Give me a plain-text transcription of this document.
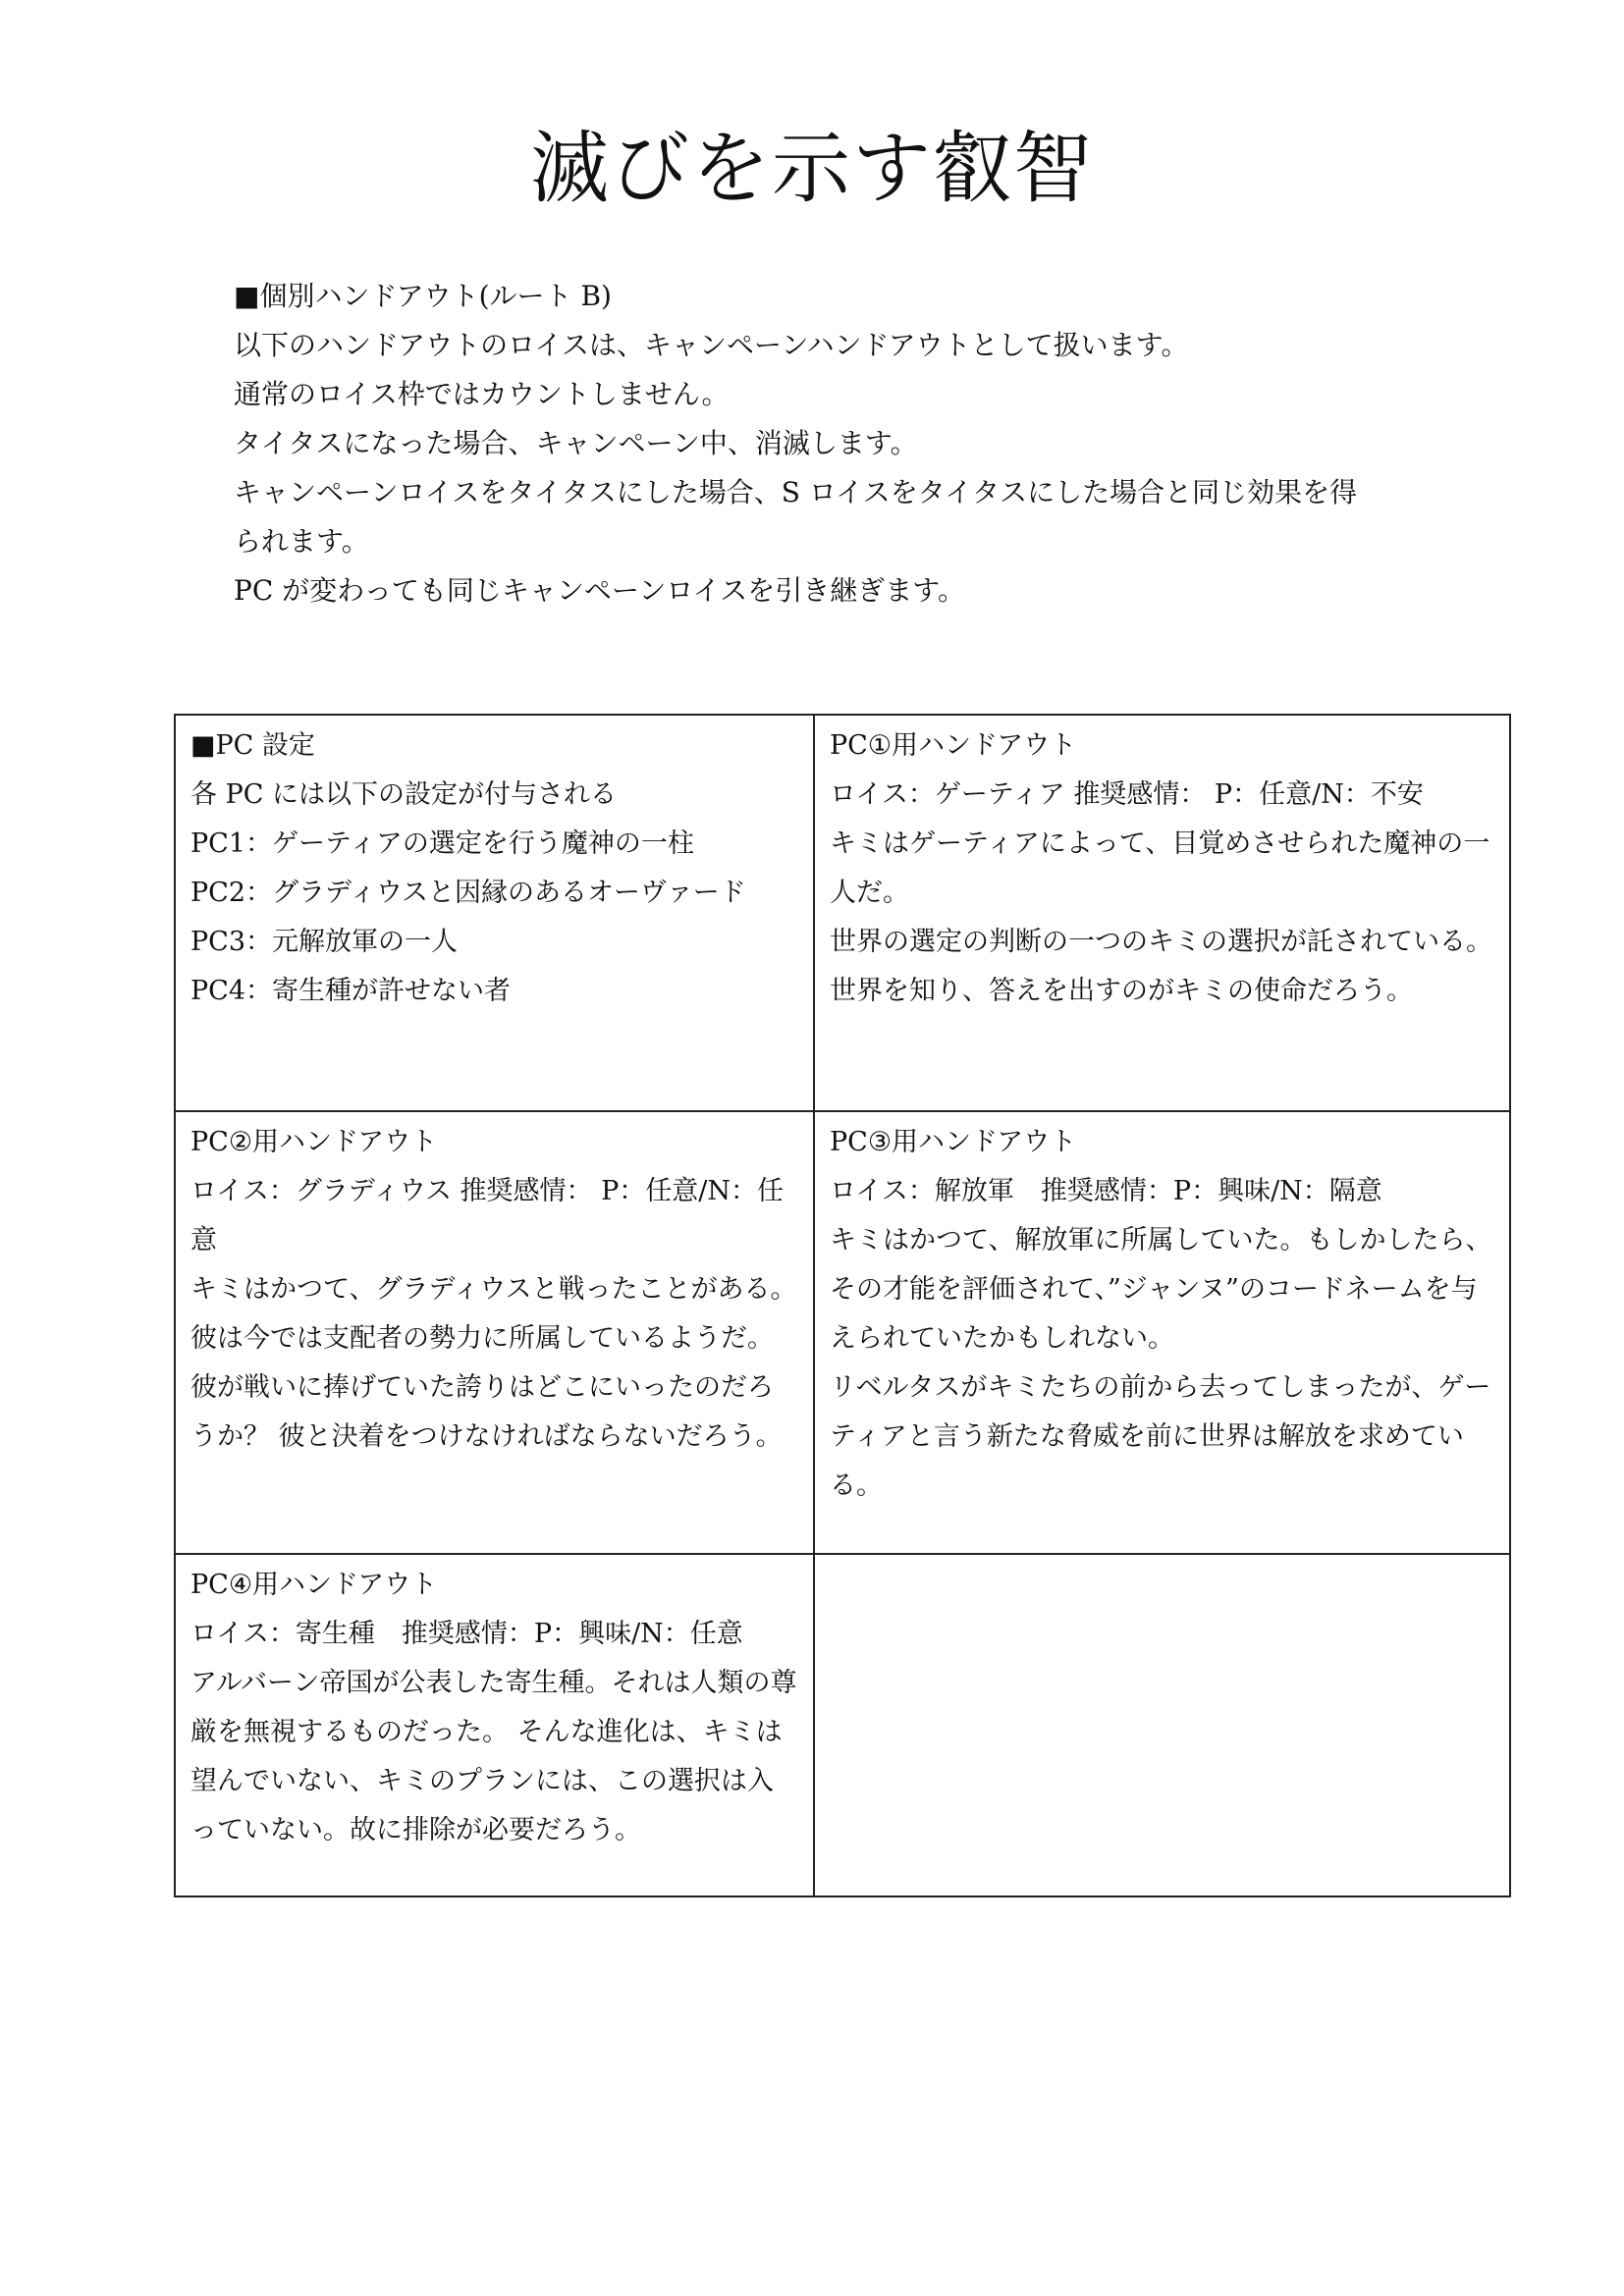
滅びを示す叡智

■個別ハンドアウト(ルート B)

以下のハンドアウトのロイスは、キャンペーンハンドアウトとして扱います。

通常のロイス枠ではカウントしません。

タイタスになった場合、キャンペーン中、消滅します。

キャンペーンロイスをタイタスにした場合、S ロイスをタイタスにした場合と同じ効果を得

られます。

PC が変わっても同じキャンペーンロイスを引き継ぎます。

■PC 設定

各 PC には以下の設定が付与される

PC1：ゲーティアの選定を行う魔神の一柱

PC2：グラディウスと因縁のあるオーヴァード

PC3：元解放軍の一人

PC4：寄生種が許せない者

PC①用ハンドアウト

ロイス：ゲーティア 推奨感情： P：任意/N：不安

キミはゲーティアによって、目覚めさせられた魔神の一人だ。

世界の選定の判断の一つのキミの選択が託されている。

世界を知り、答えを出すのがキミの使命だろう。

PC②用ハンドアウト

ロイス：グラディウス 推奨感情： P：任意/N：任意

キミはかつて、グラディウスと戦ったことがある。彼は今では支配者の勢力に所属しているようだ。 彼が戦いに捧げていた誇りはどこにいったのだろうか？ 彼と決着をつけなければならないだろう。

PC③用ハンドアウト

ロイス：解放軍　推奨感情：P：興味/N：隔意

キミはかつて、解放軍に所属していた。もしかしたら、その才能を評価されて、”ジャンヌ”のコードネームを与えられていたかもしれない。

リベルタスがキミたちの前から去ってしまったが、ゲーティアと言う新たな脅威を前に世界は解放を求めている。

PC④用ハンドアウト

ロイス：寄生種　推奨感情：P：興味/N：任意

アルバーン帝国が公表した寄生種。それは人類の尊厳を無視するものだった。 そんな進化は、キミは望んでいない、キミのプランには、この選択は入っていない。故に排除が必要だろう。
